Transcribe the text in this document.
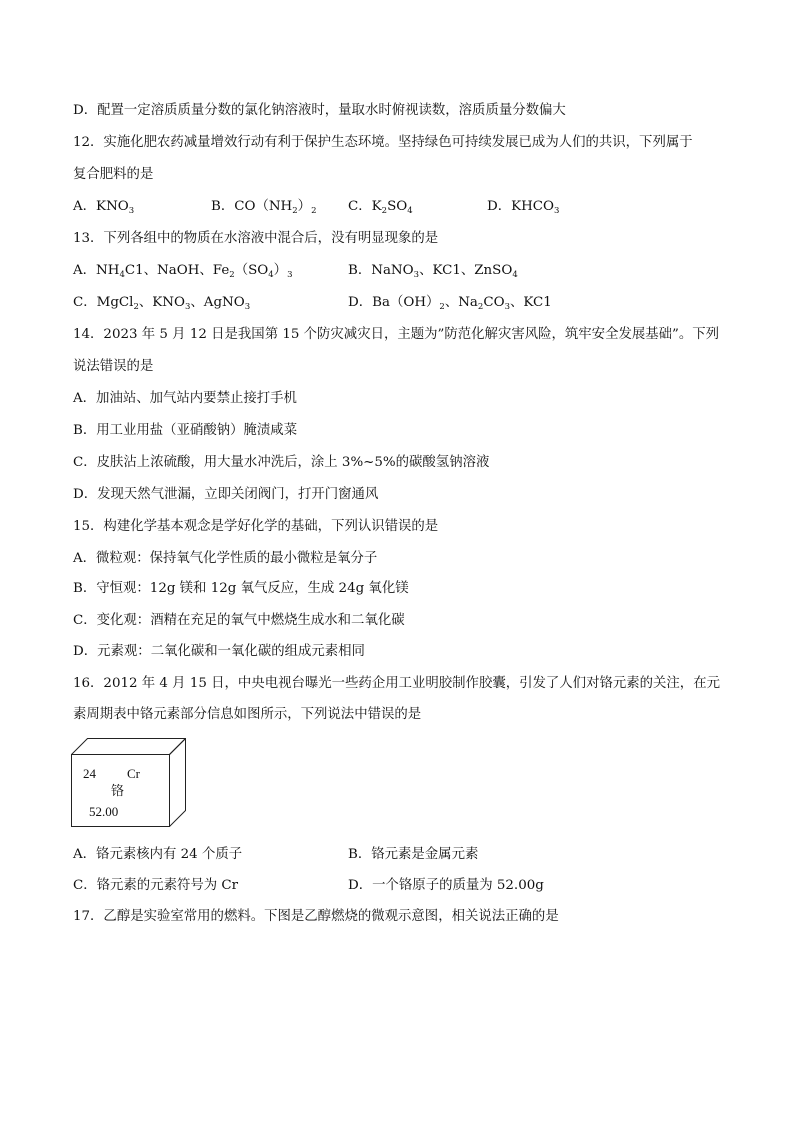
D．配置一定溶质质量分数的氯化钠溶液时，量取水时俯视读数，溶质质量分数偏大
12．实施化肥农药减量增效行动有利于保护生态环境。坚持绿色可持续发展已成为人们的共识，下列属于
复合肥料的是
A．$KNO_3$	B．$CO(NH_2)_2$ C．$K_2SO_4$	D．$KHCO_3$
13．下列各组中的物质在水溶液中混合后，没有明显现象的是
A．$NH_4C1$、NaOH、$Fe_2(SO_4)_3$	B．NaNO$_3$、KC1、ZnSO$_4$
C．MgCl$_2$、$KNO_3$、AgNO$_3$	D．$Ba(OH)_2$、$Na_2CO_3$、KC1
14．2023 年 5 月 12 日是我国第 15 个防灾减灾日，主题为”防范化解灾害风险，筑牢安全发展基础”。下列
说法错误的是
A．加油站、加气站内要禁止接打手机
B．用工业用盐（亚硝酸钠）腌渍咸菜
C．皮肤沾上浓硫酸，用大量水冲洗后，涂上 3%~5%的碳酸氢钠溶液
D．发现天然气泄漏，立即关闭阀门，打开门窗通风
15．构建化学基本观念是学好化学的基础，下列认识错误的是
A．微粒观：保持氧气化学性质的最小微粒是氧分子
B．守恒观：12g 镁和 12g 氧气反应，生成 24g 氧化镁
C．变化观：酒精在充足的氧气中燃烧生成水和二氧化碳
D．元素观：二氧化碳和一氧化碳的组成元素相同
16．2012 年 4 月 15 日，中央电视台曝光一些药企用工业明胶制作胶囊，引发了人们对铬元素的关注，在元
素周期表中铬元素部分信息如图所示，下列说法中错误的是
24 Cr
铬
52.00
A．铬元素核内有 24 个质子	B．铬元素是金属元素
C．铬元素的元素符号为 Cr	D．一个铬原子的质量为 52.00g
17．乙醇是实验室常用的燃料。下图是乙醇燃烧的微观示意图，相关说法正确的是
